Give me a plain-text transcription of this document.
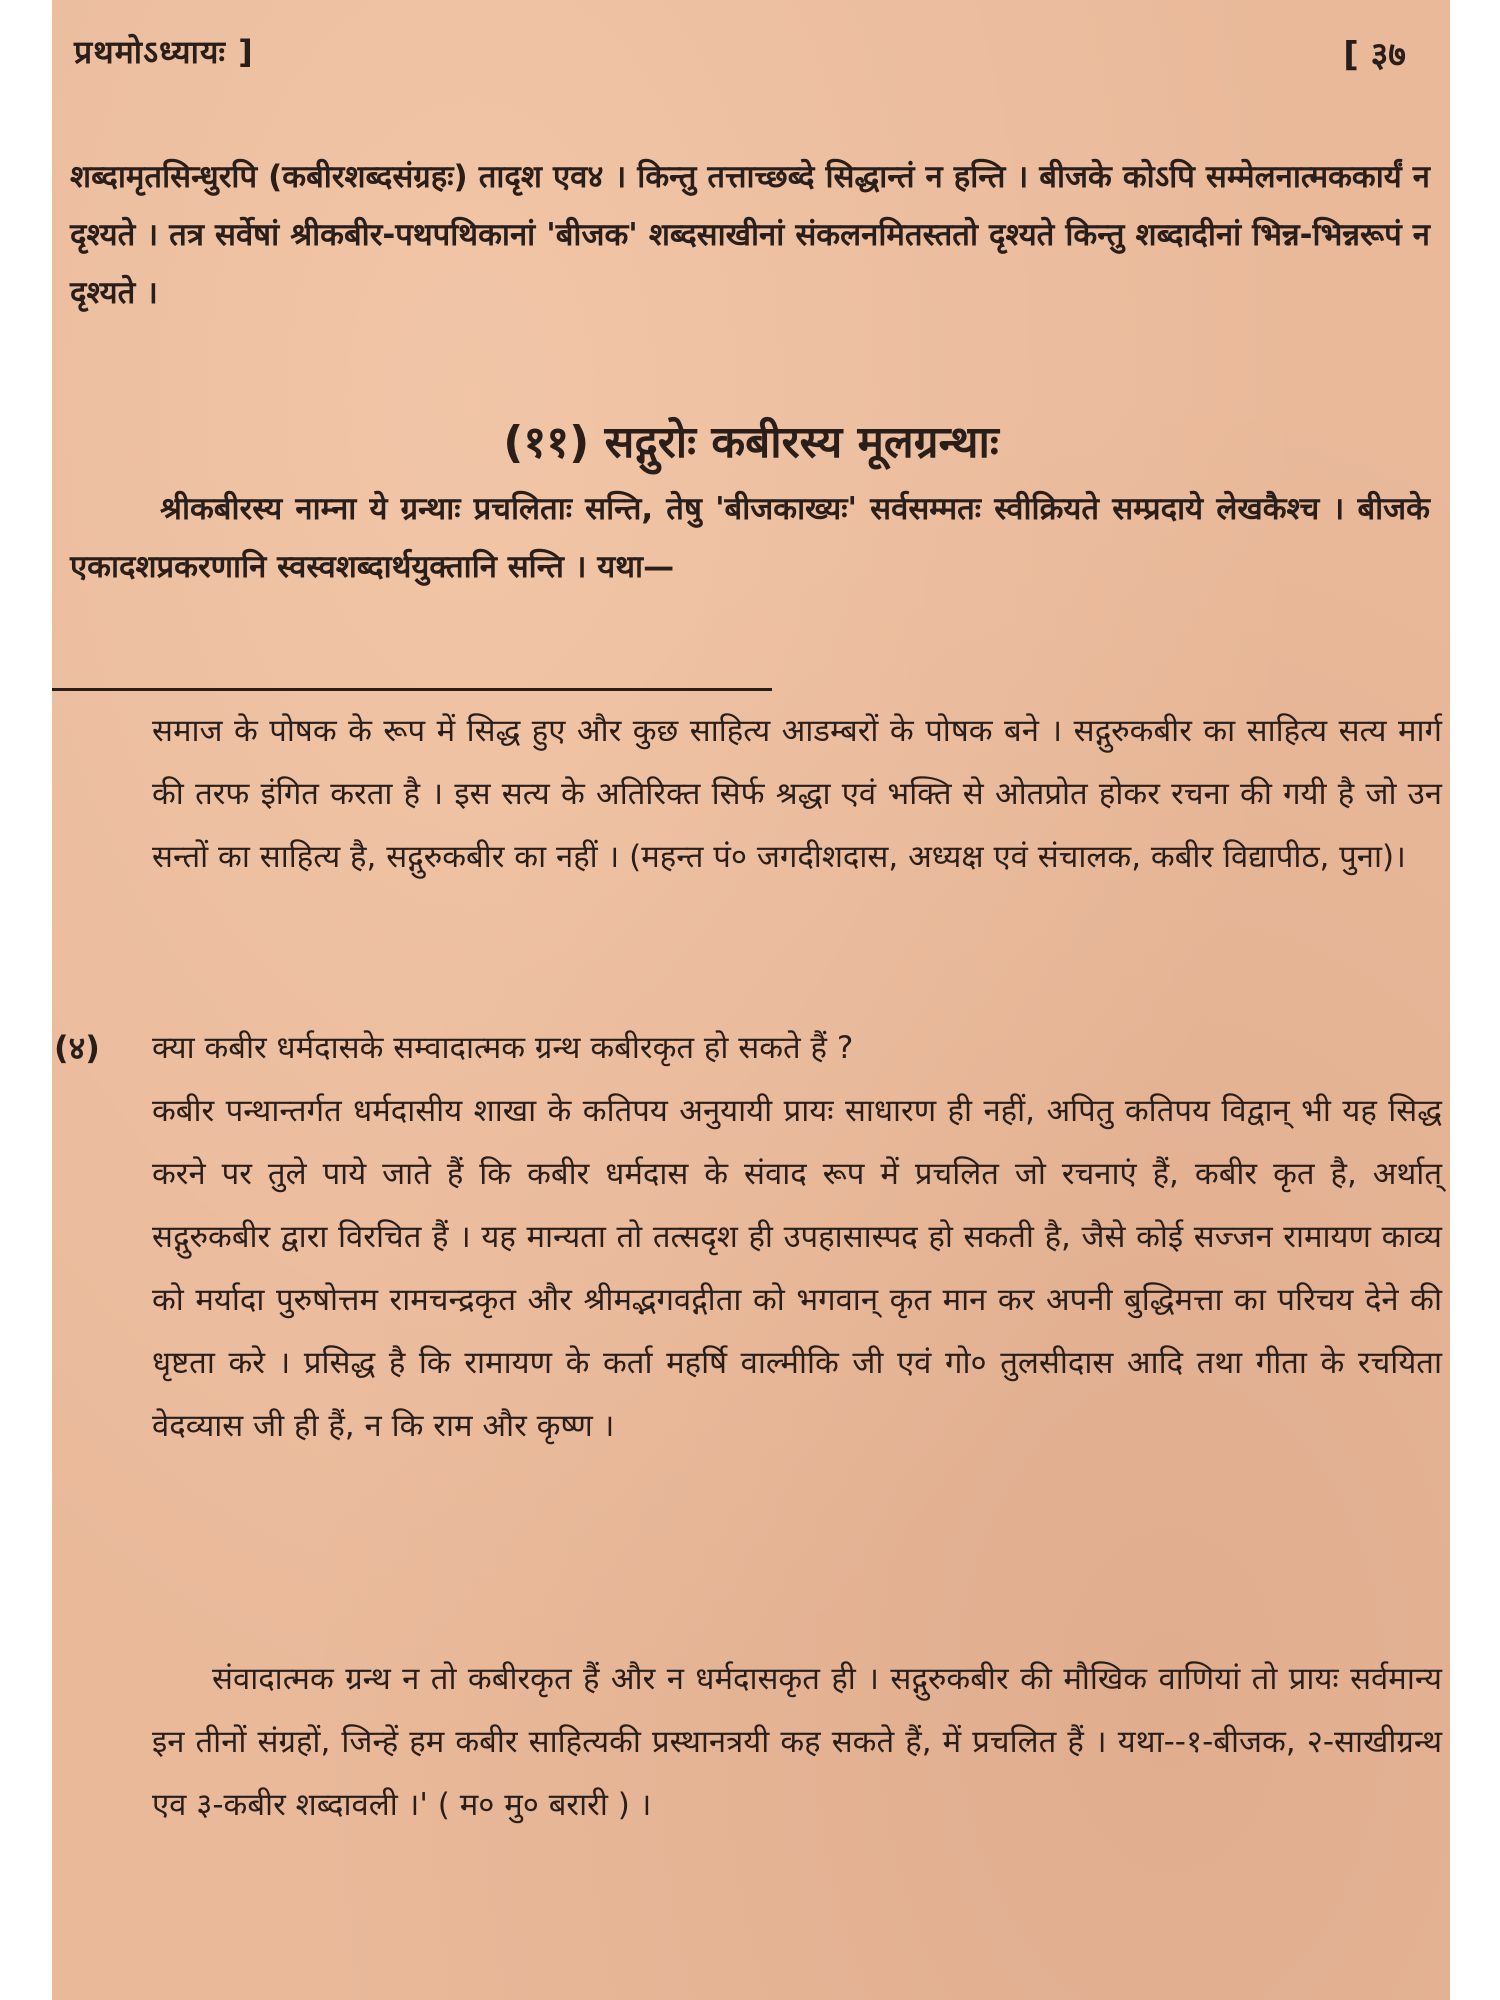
प्रथमोऽध्यायः ]	[ ३७

शब्दामृतसिन्धुरपि (कबीरशब्दसंग्रहः) तादृश एव४ । किन्तु तत्ताच्छब्दे सिद्धान्तं न हन्ति । बीजके कोऽपि सम्मेलनात्मककार्यं न दृश्यते । तत्र सर्वेषां श्रीकबीर-पथपथिकानां 'बीजक' शब्दसाखीनां संकलनमितस्ततो दृश्यते किन्तु शब्दादीनां भिन्न-भिन्नरूपं न दृश्यते ।

(११) सद्गुरोः कबीरस्य मूलग्रन्थाः

श्रीकबीरस्य नाम्ना ये ग्रन्थाः प्रचलिताः सन्ति, तेषु 'बीजकाख्यः' सर्वसम्मतः स्वीक्रियते सम्प्रदाये लेखकैश्च । बीजके एकादशप्रकरणानि स्वस्वशब्दार्थयुक्तानि सन्ति । यथा—

समाज के पोषक के रूप में सिद्ध हुए और कुछ साहित्य आडम्बरों के पोषक बने । सद्गुरुकबीर का साहित्य सत्य मार्ग की तरफ इंगित करता है । इस सत्य के अतिरिक्त सिर्फ श्रद्धा एवं भक्ति से ओतप्रोत होकर रचना की गयी है जो उन सन्तों का साहित्य है, सद्गुरुकबीर का नहीं । (महन्त पं० जगदीशदास, अध्यक्ष एवं संचालक, कबीर विद्यापीठ, पुना)।

(४) क्या कबीर धर्मदासके सम्वादात्मक ग्रन्थ कबीरकृत हो सकते हैं ?

कबीर पन्थान्तर्गत धर्मदासीय शाखा के कतिपय अनुयायी प्रायः साधारण ही नहीं, अपितु कतिपय विद्वान् भी यह सिद्ध करने पर तुले पाये जाते हैं कि कबीर धर्मदास के संवाद रूप में प्रचलित जो रचनाएं हैं, कबीर कृत है, अर्थात् सद्गुरुकबीर द्वारा विरचित हैं । यह मान्यता तो तत्सदृश ही उपहासास्पद हो सकती है, जैसे कोई सज्जन रामायण काव्य को मर्यादा पुरुषोत्तम रामचन्द्रकृत और श्रीमद्भगवद्गीता को भगवान् कृत मान कर अपनी बुद्धिमत्ता का परिचय देने की धृष्टता करे । प्रसिद्ध है कि रामायण के कर्ता महर्षि वाल्मीकि जी एवं गो० तुलसीदास आदि तथा गीता के रचयिता वेदव्यास जी ही हैं, न कि राम और कृष्ण ।

संवादात्मक ग्रन्थ न तो कबीरकृत हैं और न धर्मदासकृत ही । सद्गुरुकबीर की मौखिक वाणियां तो प्रायः सर्वमान्य इन तीनों संग्रहों, जिन्हें हम कबीर साहित्यकी प्रस्थानत्रयी कह सकते हैं, में प्रचलित हैं । यथा--१-बीजक, २-साखीग्रन्थ एव ३-कबीर शब्दावली ।' ( म० मु० बरारी ) ।
